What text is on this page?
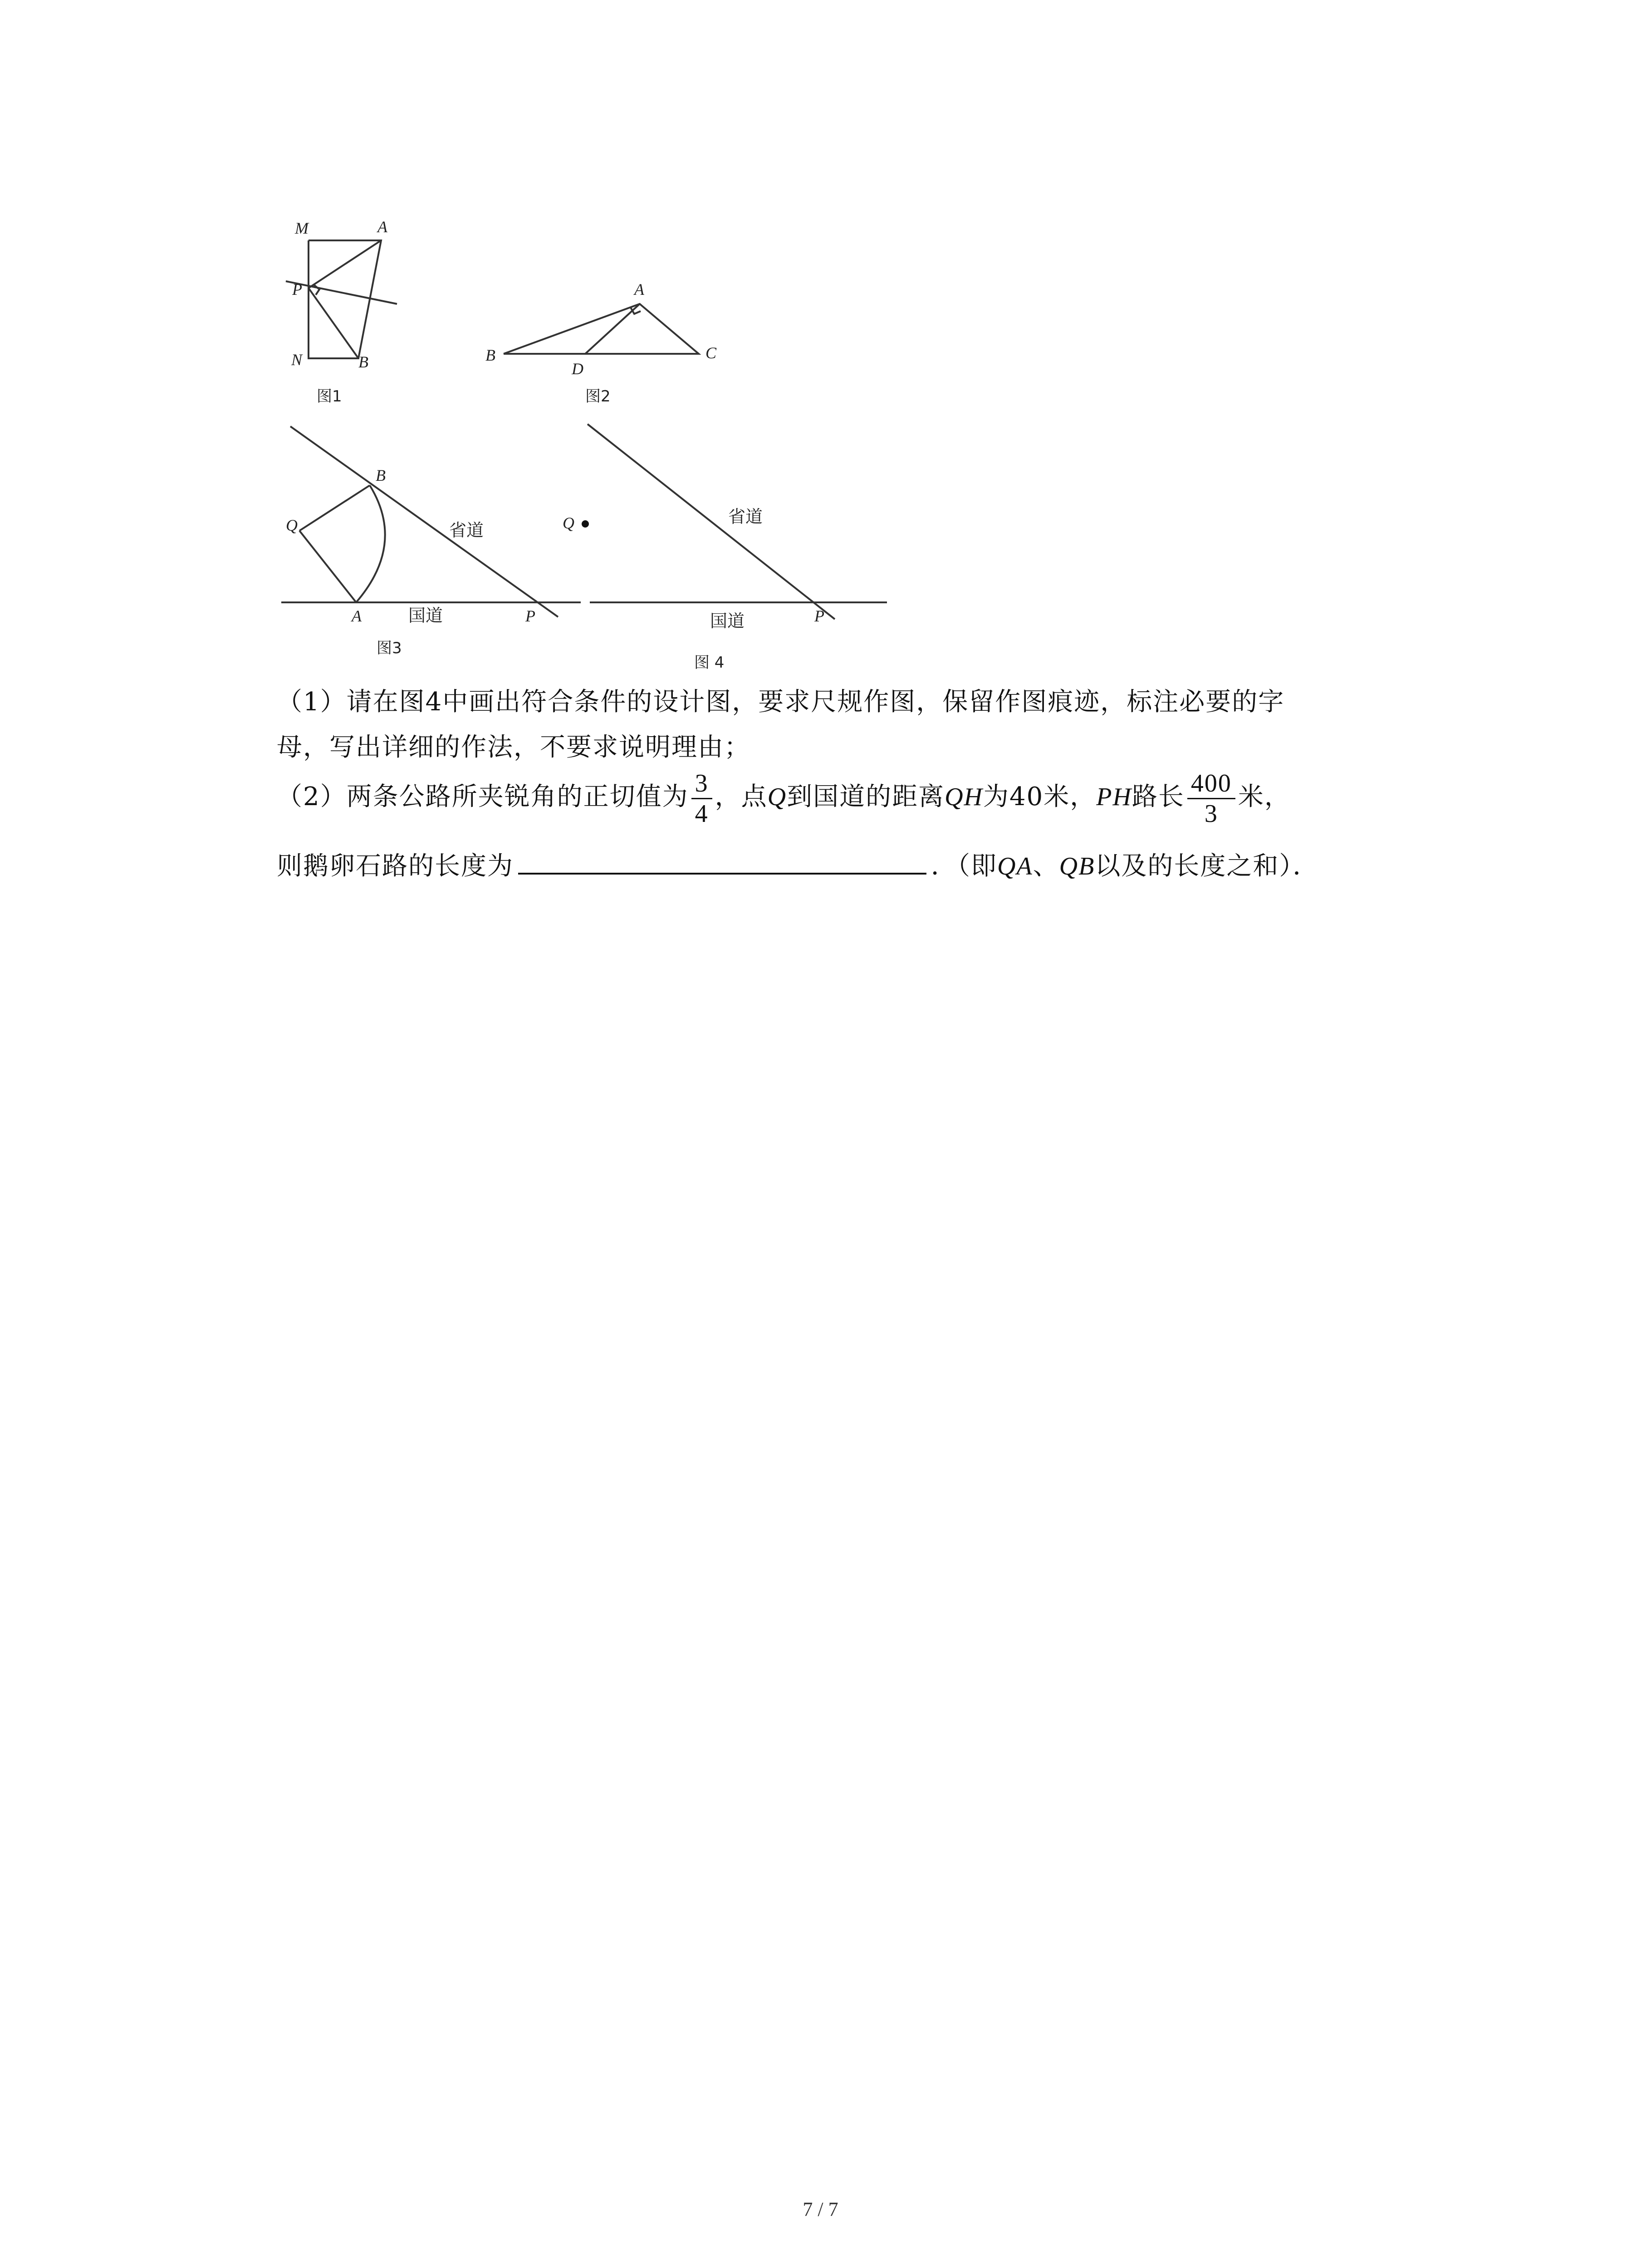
M	A
P
N	B
图1
A
B
D
C
图2
B
Q
A	P
省道
国道
图3
Q
P
省道
国道
图 4
（1）请在图4中画出符合条件的设计图，要求尺规作图，保留作图痕迹，标注必要的字
母，写出详细的作法，不要求说明理由；
（2）两条公路所夹锐角的正切值为 $\frac{3}{4}$ ，点Q到国道的距离QH为40米，PH路长 $\frac{400}{3}$ 米，
则鹅卵石路的长度为	．（即QA、QB以及的长度之和）．
7 / 7
